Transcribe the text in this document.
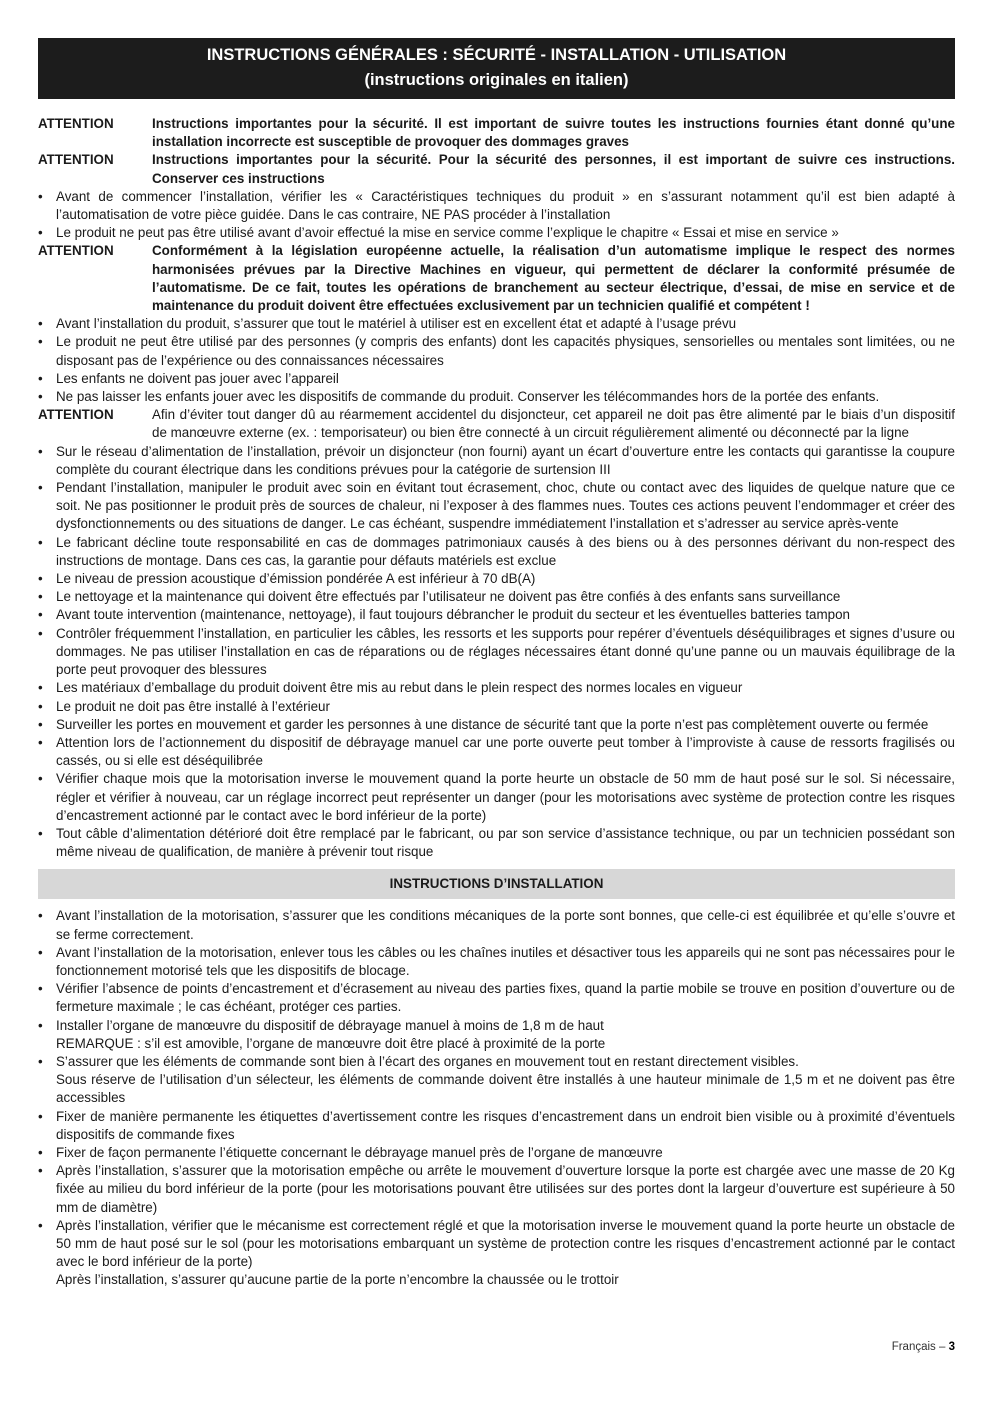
INSTRUCTIONS GÉNÉRALES : SÉCURITÉ - INSTALLATION - UTILISATION
(instructions originales en italien)
ATTENTION	Instructions importantes pour la sécurité. Il est important de suivre toutes les instructions fournies étant donné qu’une installation incorrecte est susceptible de provoquer des dommages graves
ATTENTION	Instructions importantes pour la sécurité. Pour la sécurité des personnes, il est important de suivre ces instructions. Conserver ces instructions
• Avant de commencer l’installation, vérifier les « Caractéristiques techniques du produit » en s’assurant notamment qu’il est bien adapté à l’automatisation de votre pièce guidée. Dans le cas contraire, NE PAS procéder à l’installation
• Le produit ne peut pas être utilisé avant d’avoir effectué la mise en service comme l’explique le chapitre « Essai et mise en service »
ATTENTION	Conformément à la législation européenne actuelle, la réalisation d’un automatisme implique le respect des normes harmonisées prévues par la Directive Machines en vigueur, qui permettent de déclarer la conformité présumée de l’automatisme. De ce fait, toutes les opérations de branchement au secteur électrique, d’essai, de mise en service et de maintenance du produit doivent être effectuées exclusivement par un technicien qualifié et compétent !
• Avant l’installation du produit, s’assurer que tout le matériel à utiliser est en excellent état et adapté à l’usage prévu
• Le produit ne peut être utilisé par des personnes (y compris des enfants) dont les capacités physiques, sensorielles ou mentales sont limitées, ou ne disposant pas de l’expérience ou des connaissances nécessaires
• Les enfants ne doivent pas jouer avec l’appareil
• Ne pas laisser les enfants jouer avec les dispositifs de commande du produit. Conserver les télécommandes hors de la portée des enfants.
ATTENTION	Afin d’éviter tout danger dû au réarmement accidentel du disjoncteur, cet appareil ne doit pas être alimenté par le biais d’un dispositif de manœuvre externe (ex. : temporisateur) ou bien être connecté à un circuit régulièrement alimenté ou déconnecté par la ligne
• Sur le réseau d’alimentation de l’installation, prévoir un disjoncteur (non fourni) ayant un écart d’ouverture entre les contacts qui garantisse la coupure complète du courant électrique dans les conditions prévues pour la catégorie de surtension III
• Pendant l’installation, manipuler le produit avec soin en évitant tout écrasement, choc, chute ou contact avec des liquides de quelque nature que ce soit. Ne pas positionner le produit près de sources de chaleur, ni l’exposer à des flammes nues. Toutes ces actions peuvent l’endommager et créer des dysfonctionnements ou des situations de danger. Le cas échéant, suspendre immédiatement l’installation et s’adresser au service après-vente
• Le fabricant décline toute responsabilité en cas de dommages patrimoniaux causés à des biens ou à des personnes dérivant du non-respect des instructions de montage. Dans ces cas, la garantie pour défauts matériels est exclue
• Le niveau de pression acoustique d’émission pondérée A est inférieur à 70 dB(A)
• Le nettoyage et la maintenance qui doivent être effectués par l’utilisateur ne doivent pas être confiés à des enfants sans surveillance
• Avant toute intervention (maintenance, nettoyage), il faut toujours débrancher le produit du secteur et les éventuelles batteries tampon
• Contrôler fréquemment l’installation, en particulier les câbles, les ressorts et les supports pour repérer d’éventuels déséquilibrages et signes d’usure ou dommages. Ne pas utiliser l’installation en cas de réparations ou de réglages nécessaires étant donné qu’une panne ou un mauvais équilibrage de la porte peut provoquer des blessures
• Les matériaux d’emballage du produit doivent être mis au rebut dans le plein respect des normes locales en vigueur
• Le produit ne doit pas être installé à l’extérieur
• Surveiller les portes en mouvement et garder les personnes à une distance de sécurité tant que la porte n’est pas complètement ouverte ou fermée
• Attention lors de l’actionnement du dispositif de débrayage manuel car une porte ouverte peut tomber à l’improviste à cause de ressorts fragilisés ou cassés, ou si elle est déséquilibrée
• Vérifier chaque mois que la motorisation inverse le mouvement quand la porte heurte un obstacle de 50 mm de haut posé sur le sol. Si nécessaire, régler et vérifier à nouveau, car un réglage incorrect peut représenter un danger (pour les motorisations avec système de protection contre les risques d’encastrement actionné par le contact avec le bord inférieur de la porte)
• Tout câble d’alimentation détérioré doit être remplacé par le fabricant, ou par son service d’assistance technique, ou par un technicien possédant son même niveau de qualification, de manière à prévenir tout risque
INSTRUCTIONS D’INSTALLATION
• Avant l’installation de la motorisation, s’assurer que les conditions mécaniques de la porte sont bonnes, que celle-ci est équilibrée et qu’elle s’ouvre et se ferme correctement.
• Avant l’installation de la motorisation, enlever tous les câbles ou les chaînes inutiles et désactiver tous les appareils qui ne sont pas nécessaires pour le fonctionnement motorisé tels que les dispositifs de blocage.
• Vérifier l’absence de points d’encastrement et d’écrasement au niveau des parties fixes, quand la partie mobile se trouve en position d’ouverture ou de fermeture maximale ; le cas échéant, protéger ces parties.
• Installer l’organe de manœuvre du dispositif de débrayage manuel à moins de 1,8 m de haut
REMARQUE : s’il est amovible, l’organe de manœuvre doit être placé à proximité de la porte
• S’assurer que les éléments de commande sont bien à l’écart des organes en mouvement tout en restant directement visibles.
Sous réserve de l’utilisation d’un sélecteur, les éléments de commande doivent être installés à une hauteur minimale de 1,5 m et ne doivent pas être accessibles
• Fixer de manière permanente les étiquettes d’avertissement contre les risques d’encastrement dans un endroit bien visible ou à proximité d’éventuels dispositifs de commande fixes
• Fixer de façon permanente l’étiquette concernant le débrayage manuel près de l’organe de manœuvre
• Après l’installation, s’assurer que la motorisation empêche ou arrête le mouvement d’ouverture lorsque la porte est chargée avec une masse de 20 Kg fixée au milieu du bord inférieur de la porte (pour les motorisations pouvant être utilisées sur des portes dont la largeur d’ouverture est supérieure à 50 mm de diamètre)
• Après l’installation, vérifier que le mécanisme est correctement réglé et que la motorisation inverse le mouvement quand la porte heurte un obstacle de 50 mm de haut posé sur le sol (pour les motorisations embarquant un système de protection contre les risques d’encastrement actionné par le contact avec le bord inférieur de la porte)
Après l’installation, s’assurer qu’aucune partie de la porte n’encombre la chaussée ou le trottoir
Français – 3
